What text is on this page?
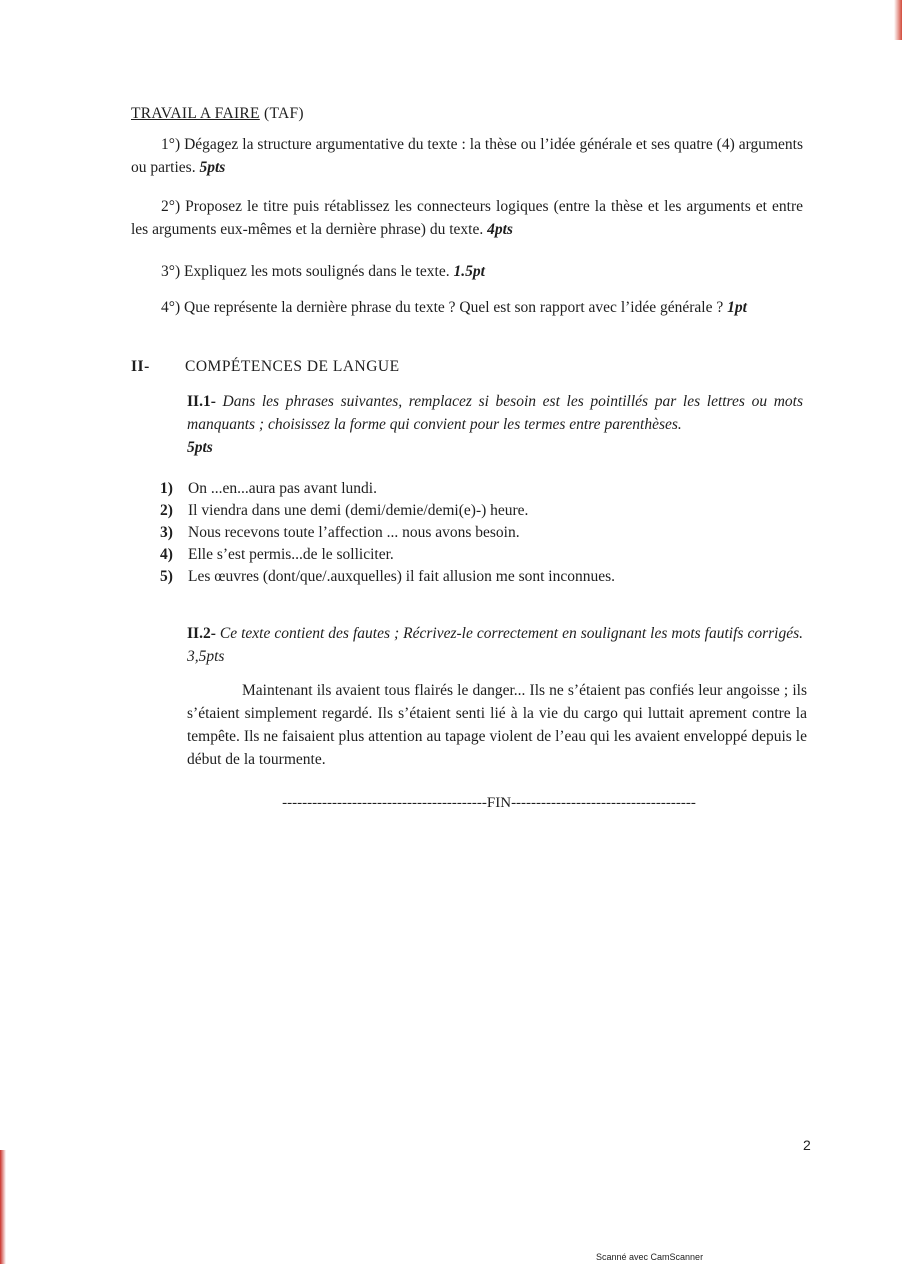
TRAVAIL A FAIRE (TAF)
1°) Dégagez la structure argumentative du texte : la thèse ou l’idée générale et ses quatre (4) arguments ou parties. 5pts
2°) Proposez le titre puis rétablissez les connecteurs logiques (entre la thèse et les arguments et entre les arguments eux-mêmes et la dernière phrase) du texte. 4pts
3°) Expliquez les mots soulignés dans le texte. 1.5pt
4°) Que représente la dernière phrase du texte ? Quel est son rapport avec l’idée générale ? 1pt
II- COMPÉTENCES DE LANGUE
II.1- Dans les phrases suivantes, remplacez si besoin est les pointillés par les lettres ou mots manquants ; choisissez la forme qui convient pour les termes entre parenthèses.
5pts
1) On ...en...aura pas avant lundi.
2) Il viendra dans une demi (demi/demie/demi(e)-) heure.
3) Nous recevons toute l’affection ... nous avons besoin.
4) Elle s’est permis...de le solliciter.
5) Les œuvres (dont/que/.auxquelles) il fait allusion me sont inconnues.
II.2- Ce texte contient des fautes ; Récrivez-le correctement en soulignant les mots fautifs corrigés. 3,5pts
Maintenant ils avaient tous flairés le danger... Ils ne s’étaient pas confiés leur angoisse ; ils s’étaient simplement regardé. Ils s’étaient senti lié à la vie du cargo qui luttait aprement contre la tempête. Ils ne faisaient plus attention au tapage violent de l’eau qui les avaient enveloppé depuis le début de la tourmente.
-----------------------------------------FIN-------------------------------------
2
Scanné avec CamScanner
